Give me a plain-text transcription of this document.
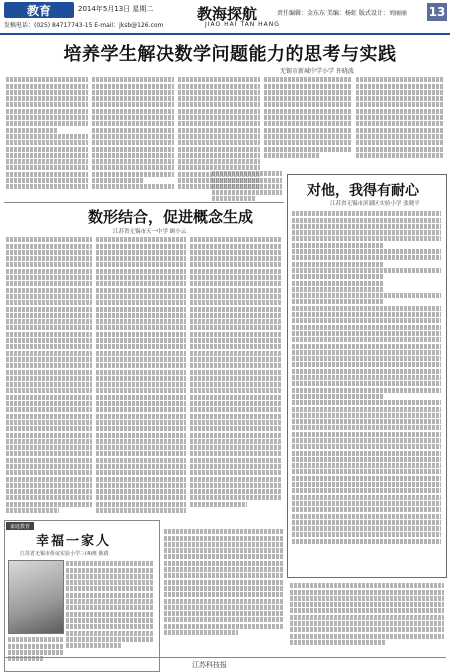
教育	2014年5月13日 星期二
发稿电话：(025) 84717743-15 E-mail：jksb@126.com
教海探航
JIAO HAI TAN HANG
责任编辑：金东东 美编：杨虹 版式设计：刘丽丽 13
培养学生解决数学问题能力的思考与实践
无锡市新城中学小学 许晓波
数形结合，促进概念生成
江苏省无锡市天一中学 顾小云
对他，我得有耐心
江苏省无锡市滨湖区实验小学 张晓平
家庭教育
幸福一家人
江苏省无锡市侨谊实验小学三(4)班 陈倩
江苏科技报
